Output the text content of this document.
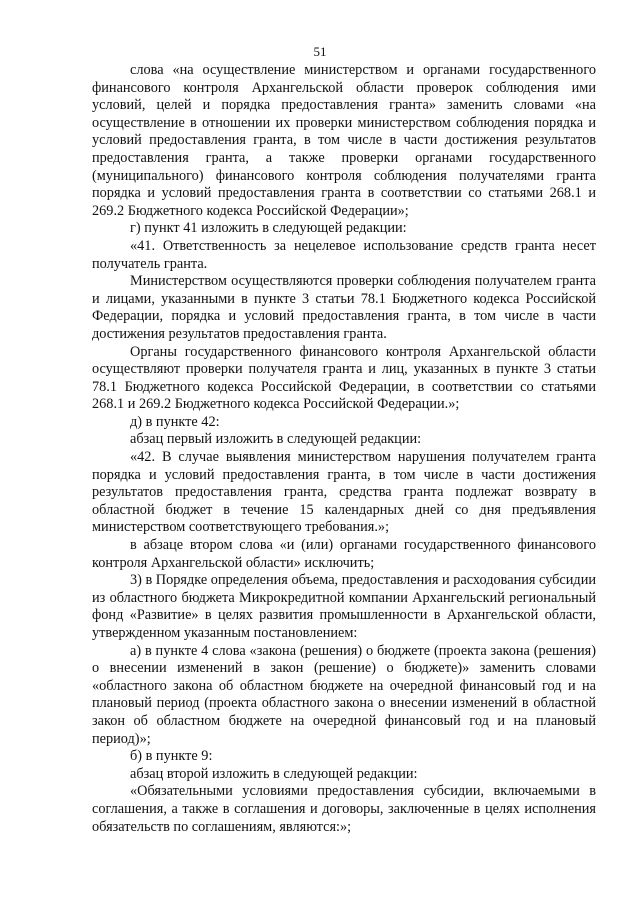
51

слова «на осуществление министерством и органами государственного финансового контроля Архангельской области проверок соблюдения ими условий, целей и порядка предоставления гранта» заменить словами «на осуществление в отношении их проверки министерством соблюдения порядка и условий предоставления гранта, в том числе в части достижения результатов предоставления гранта, а также проверки органами государственного (муниципального) финансового контроля соблюдения получателями гранта порядка и условий предоставления гранта в соответствии со статьями 268.1 и 269.2 Бюджетного кодекса Российской Федерации»;

г) пункт 41 изложить в следующей редакции:

«41. Ответственность за нецелевое использование средств гранта несет получатель гранта.

Министерством осуществляются проверки соблюдения получателем гранта и лицами, указанными в пункте 3 статьи 78.1 Бюджетного кодекса Российской Федерации, порядка и условий предоставления гранта, в том числе в части достижения результатов предоставления гранта.

Органы государственного финансового контроля Архангельской области осуществляют проверки получателя гранта и лиц, указанных в пункте 3 статьи 78.1 Бюджетного кодекса Российской Федерации, в соответствии со статьями 268.1 и 269.2 Бюджетного кодекса Российской Федерации.»;

д) в пункте 42:

абзац первый изложить в следующей редакции:

«42. В случае выявления министерством нарушения получателем гранта порядка и условий предоставления гранта, в том числе в части достижения результатов предоставления гранта, средства гранта подлежат возврату в областной бюджет в течение 15 календарных дней со дня предъявления министерством соответствующего требования.»;

в абзаце втором слова «и (или) органами государственного финансового контроля Архангельской области» исключить;

3) в Порядке определения объема, предоставления и расходования субсидии из областного бюджета Микрокредитной компании Архангельский региональный фонд «Развитие» в целях развития промышленности в Архангельской области, утвержденном указанным постановлением:

а) в пункте 4 слова «закона (решения) о бюджете (проекта закона (решения) о внесении изменений в закон (решение) о бюджете)» заменить словами «областного закона об областном бюджете на очередной финансовый год и на плановый период (проекта областного закона о внесении изменений в областной закон об областном бюджете на очередной финансовый год и на плановый период)»;

б) в пункте 9:

абзац второй изложить в следующей редакции:

«Обязательными условиями предоставления субсидии, включаемыми в соглашения, а также в соглашения и договоры, заключенные в целях исполнения обязательств по соглашениям, являются:»;
